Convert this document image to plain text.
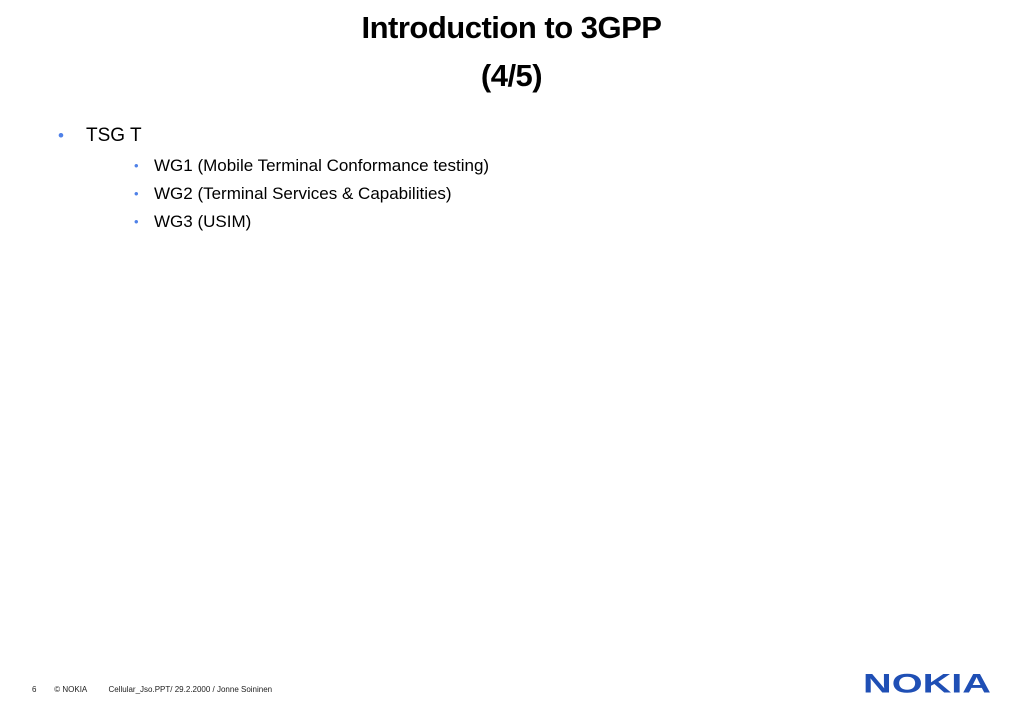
Introduction to 3GPP
(4/5)
• TSG T
• WG1 (Mobile Terminal Conformance testing)
• WG2 (Terminal Services & Capabilities)
• WG3 (USIM)
6 © NOKIA	Cellular_Jso.PPT/ 29.2.2000 / Jonne Soininen	NOKIA
